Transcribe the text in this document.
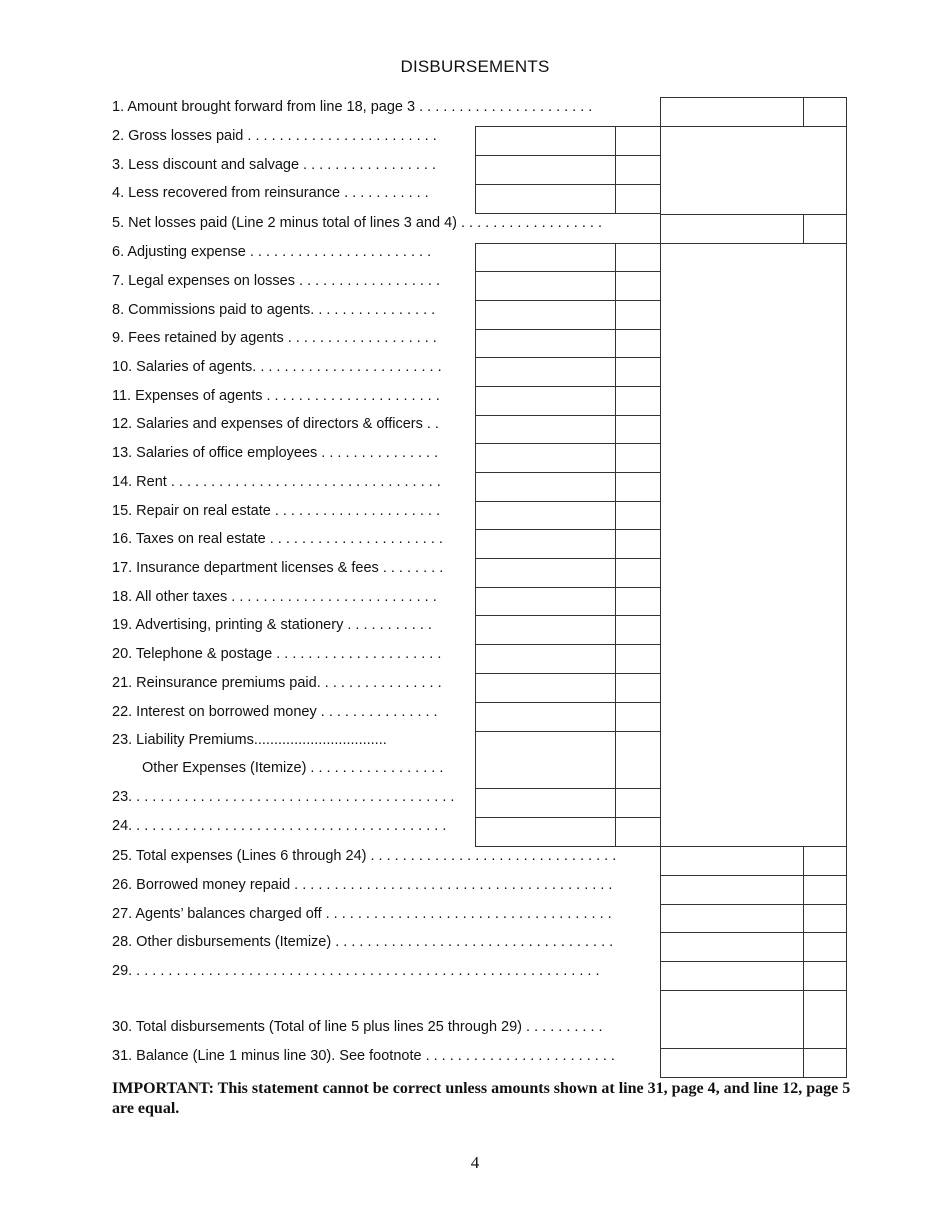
DISBURSEMENTS
1. Amount brought forward from line 18, page 3 . . . . . . . . . . . . . . . . . . . . . .
2. Gross losses paid . . . . . . . . . . . . . . . . . . . . . . . .
3. Less discount and salvage . . . . . . . . . . . . . . . . .
4. Less recovered from reinsurance . . . . . . . . . . .
5. Net losses paid (Line 2 minus total of lines 3 and 4) . . . . . . . . . . . . . . . . . .
6. Adjusting expense . . . . . . . . . . . . . . . . . . . . . . .
7. Legal expenses on losses . . . . . . . . . . . . . . . . . .
8. Commissions paid to agents. . . . . . . . . . . . . . . .
9. Fees retained by agents . . . . . . . . . . . . . . . . . . .
10. Salaries of agents. . . . . . . . . . . . . . . . . . . . . . . .
11. Expenses of agents . . . . . . . . . . . . . . . . . . . . . .
12. Salaries and expenses of directors & officers . .
13. Salaries of office employees . . . . . . . . . . . . . . .
14. Rent . . . . . . . . . . . . . . . . . . . . . . . . . . . . . . . . . .
15. Repair on real estate . . . . . . . . . . . . . . . . . . . . .
16. Taxes on real estate . . . . . . . . . . . . . . . . . . . . . .
17. Insurance department licenses & fees . . . . . . . .
18. All other taxes . . . . . . . . . . . . . . . . . . . . . . . . . .
19. Advertising, printing & stationery . . . . . . . . . . .
20. Telephone & postage . . . . . . . . . . . . . . . . . . . . .
21. Reinsurance premiums paid. . . . . . . . . . . . . . . .
22. Interest on borrowed money . . . . . . . . . . . . . . .
23. Liability Premiums.................................
Other Expenses (Itemize) . . . . . . . . . . . . . . . . .
23. . . . . . . . . . . . . . . . . . . . . . . . . . . . . . . . . . . . . . . . .
24. . . . . . . . . . . . . . . . . . . . . . . . . . . . . . . . . . . . . . . .
25. Total expenses (Lines 6 through 24) . . . . . . . . . . . . . . . . . . . . . . . . . . . . . . .
26. Borrowed money repaid . . . . . . . . . . . . . . . . . . . . . . . . . . . . . . . . . . . . . . . .
27. Agents’ balances charged off . . . . . . . . . . . . . . . . . . . . . . . . . . . . . . . . . . . .
28. Other disbursements (Itemize) . . . . . . . . . . . . . . . . . . . . . . . . . . . . . . . . . . .
29. . . . . . . . . . . . . . . . . . . . . . . . . . . . . . . . . . . . . . . . . . . . . . . . . . . . . . . . . . .
30. Total disbursements (Total of line 5 plus lines 25 through 29) . . . . . . . . . .
31. Balance (Line 1 minus line 30). See footnote . . . . . . . . . . . . . . . . . . . . . . . .
IMPORTANT: This statement cannot be correct unless amounts shown at line 31, page 4, and line 12, page 5 are equal.
4
